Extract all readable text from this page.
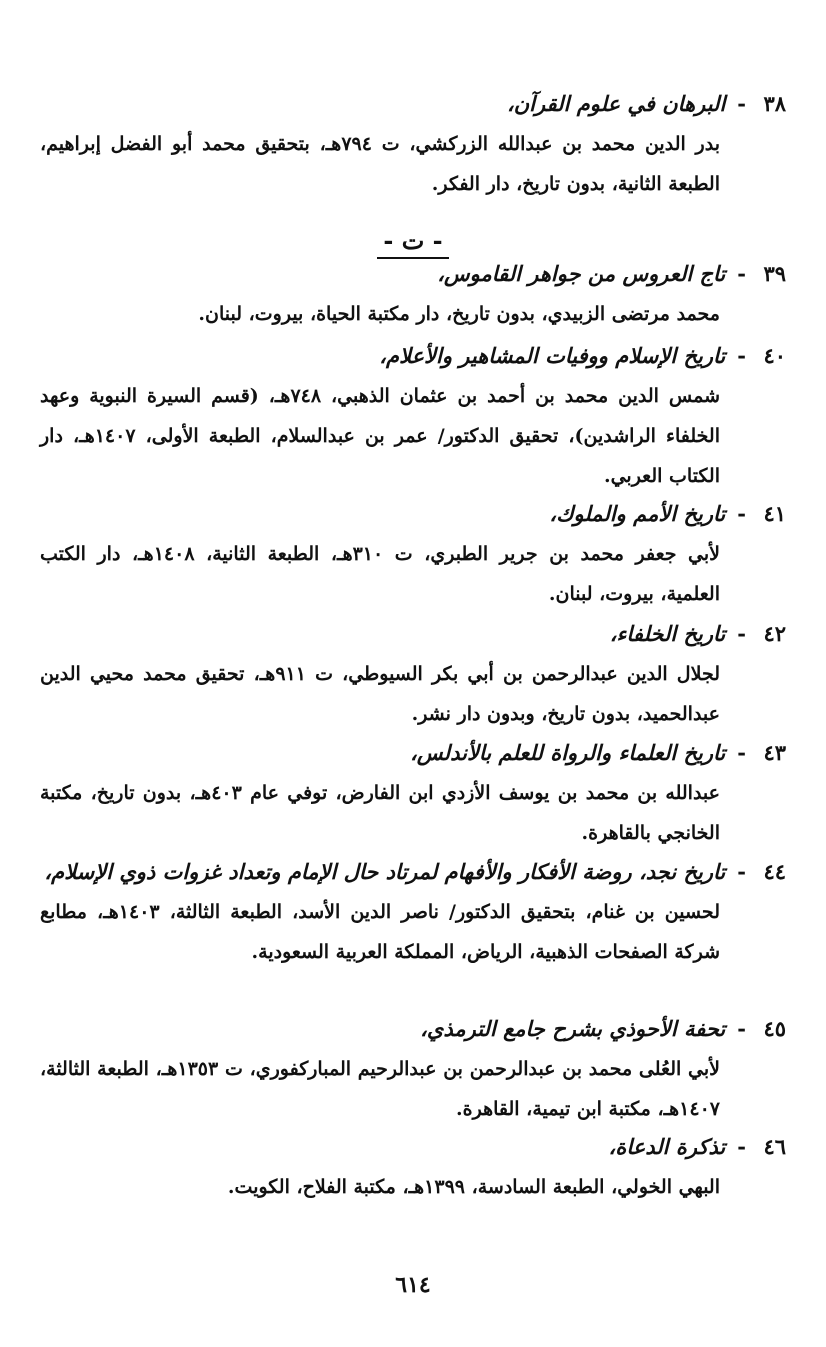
٣٨-البرهان في علوم القرآن،
بدر الدين محمد بن عبدالله الزركشي، ت ٧٩٤هـ، بتحقيق محمد أبو الفضل إبراهيم، الطبعة الثانية، بدون تاريخ، دار الفكر.
- ت -
٣٩-تاج العروس من جواهر القاموس،
محمد مرتضى الزبيدي، بدون تاريخ، دار مكتبة الحياة، بيروت، لبنان.
٤٠-تاريخ الإسلام ووفيات المشاهير والأعلام،
شمس الدين محمد بن أحمد بن عثمان الذهبي، ٧٤٨هـ، (قسم السيرة النبوية وعهد الخلفاء الراشدين)، تحقيق الدكتور/ عمر بن عبدالسلام، الطبعة الأولى، ١٤٠٧هـ، دار الكتاب العربي.
٤١-تاريخ الأمم والملوك،
لأبي جعفر محمد بن جرير الطبري، ت ٣١٠هـ، الطبعة الثانية، ١٤٠٨هـ، دار الكتب العلمية، بيروت، لبنان.
٤٢-تاريخ الخلفاء،
لجلال الدين عبدالرحمن بن أبي بكر السيوطي، ت ٩١١هـ، تحقيق محمد محيي الدين عبدالحميد، بدون تاريخ، وبدون دار نشر.
٤٣-تاريخ العلماء والرواة للعلم بالأندلس،
عبدالله بن محمد بن يوسف الأزدي ابن الفارض، توفي عام ٤٠٣هـ، بدون تاريخ، مكتبة الخانجي بالقاهرة.
٤٤-تاريخ نجد، روضة الأفكار والأفهام لمرتاد حال الإمام وتعداد غزوات ذوي الإسلام،
لحسين بن غنام، بتحقيق الدكتور/ ناصر الدين الأسد، الطبعة الثالثة، ١٤٠٣هـ، مطابع شركة الصفحات الذهبية، الرياض، المملكة العربية السعودية.
٤٥-تحفة الأحوذي بشرح جامع الترمذي،
لأبي العُلى محمد بن عبدالرحمن بن عبدالرحيم المباركفوري، ت ١٣٥٣هـ، الطبعة الثالثة، ١٤٠٧هـ، مكتبة ابن تيمية، القاهرة.
٤٦-تذكرة الدعاة،
البهي الخولي، الطبعة السادسة، ١٣٩٩هـ، مكتبة الفلاح، الكويت.
٦١٤
